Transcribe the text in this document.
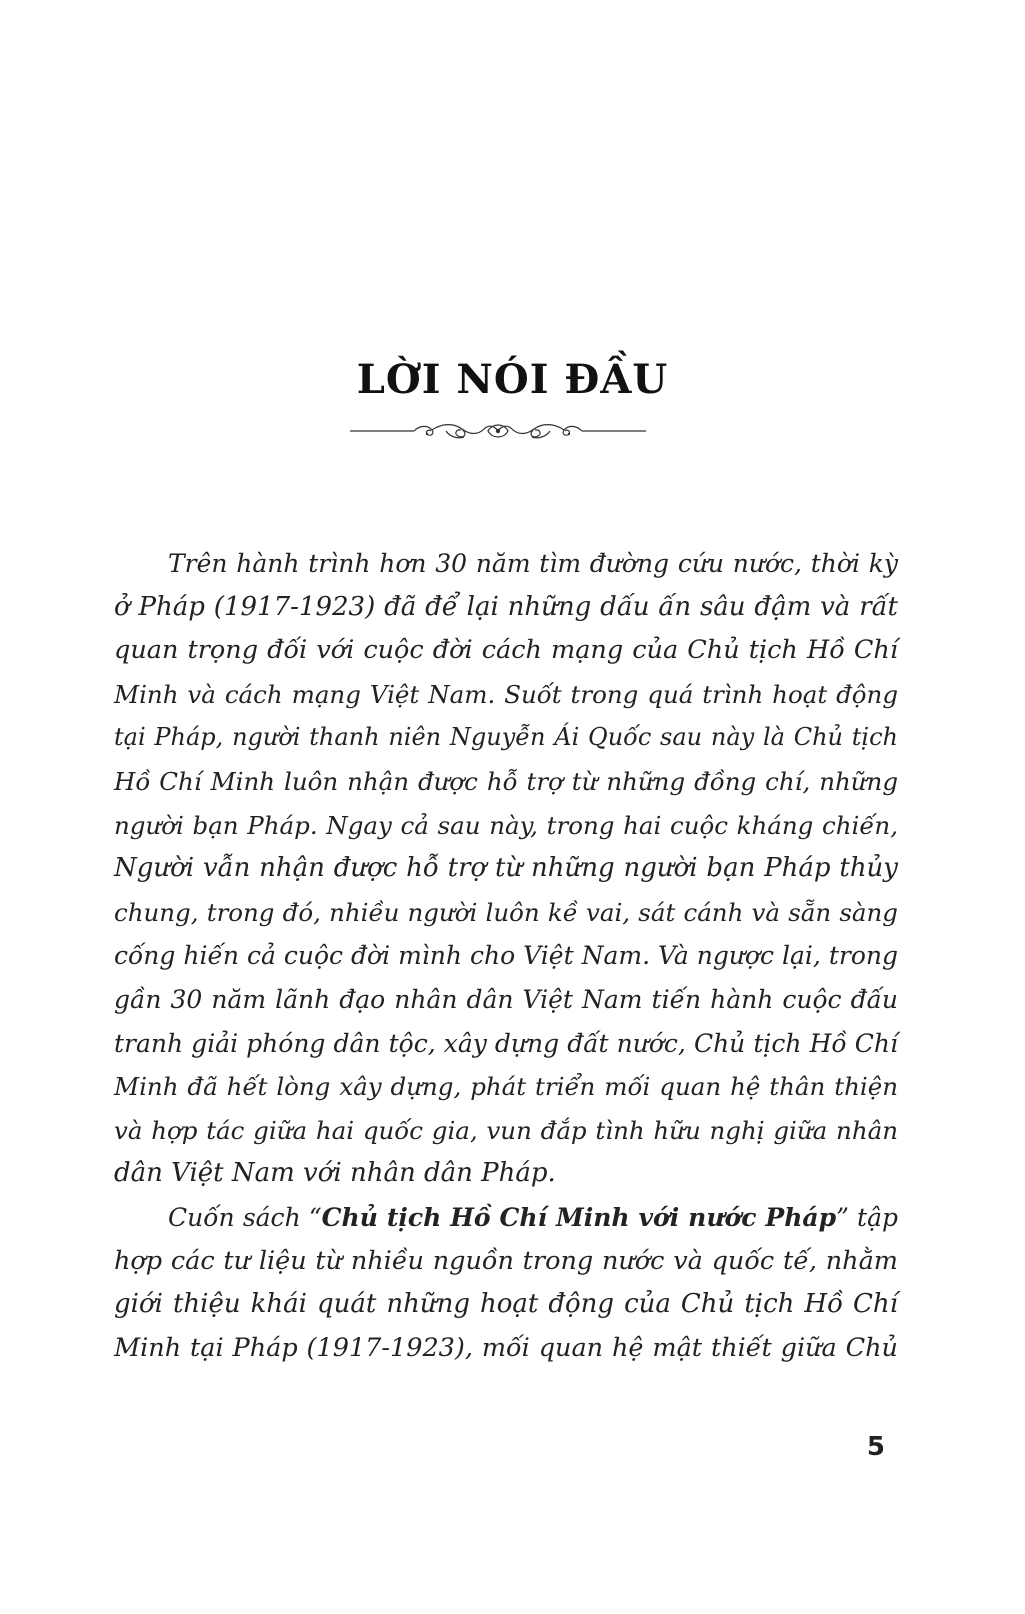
LỜI NÓI ĐẦU
Trên hành trình hơn 30 năm tìm đường cứu nước, thời kỳ
ở Pháp (1917-1923) đã để lại những dấu ấn sâu đậm và rất
quan trọng đối với cuộc đời cách mạng của Chủ tịch Hồ Chí
Minh và cách mạng Việt Nam. Suốt trong quá trình hoạt động
tại Pháp, người thanh niên Nguyễn Ái Quốc sau này là Chủ tịch
Hồ Chí Minh luôn nhận được hỗ trợ từ những đồng chí, những
người bạn Pháp. Ngay cả sau này, trong hai cuộc kháng chiến,
Người vẫn nhận được hỗ trợ từ những người bạn Pháp thủy
chung, trong đó, nhiều người luôn kề vai, sát cánh và sẵn sàng
cống hiến cả cuộc đời mình cho Việt Nam. Và ngược lại, trong
gần 30 năm lãnh đạo nhân dân Việt Nam tiến hành cuộc đấu
tranh giải phóng dân tộc, xây dựng đất nước, Chủ tịch Hồ Chí
Minh đã hết lòng xây dựng, phát triển mối quan hệ thân thiện
và hợp tác giữa hai quốc gia, vun đắp tình hữu nghị giữa nhân
dân Việt Nam với nhân dân Pháp.
Cuốn sách “Chủ tịch Hồ Chí Minh với nước Pháp” tập
hợp các tư liệu từ nhiều nguồn trong nước và quốc tế, nhằm
giới thiệu khái quát những hoạt động của Chủ tịch Hồ Chí
Minh tại Pháp (1917-1923), mối quan hệ mật thiết giữa Chủ
5
